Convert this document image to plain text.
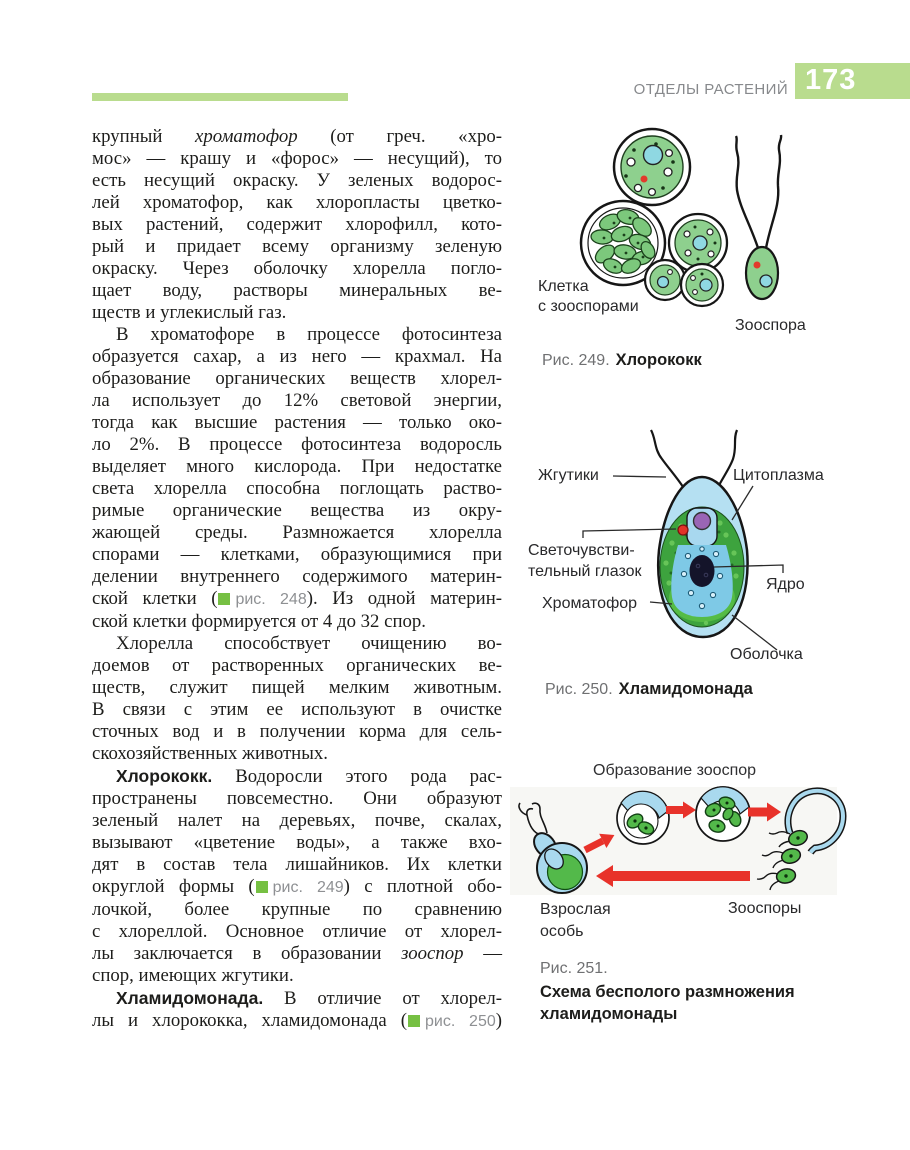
ОТДЕЛЫ РАСТЕНИЙ 173
крупный хроматофор (от греч. «хро-
мос» — крашу и «форос» — несущий), то
есть несущий окраску. У зеленых водорос-
лей хроматофор, как хлоропласты цветко-
вых растений, содержит хлорофилл, кото-
рый и придает всему организму зеленую
окраску. Через оболочку хлорелла погло-
щает воду, растворы минеральных ве-
ществ и углекислый газ.
В хроматофоре в процессе фотосинтеза
образуется сахар, а из него — крахмал. На
образование органических веществ хлорел-
ла использует до 12% световой энергии,
тогда как высшие растения — только око-
ло 2%. В процессе фотосинтеза водоросль
выделяет много кислорода. При недостатке
света хлорелла способна поглощать раство-
римые органические вещества из окру-
жающей среды. Размножается хлорелла
спорами — клетками, образующимися при
делении внутреннего содержимого материн-
ской клетки ( рис. 248). Из одной материн-
ской клетки формируется от 4 до 32 спор.
Хлорелла способствует очищению во-
доемов от растворенных органических ве-
ществ, служит пищей мелким животным.
В связи с этим ее используют в очистке
сточных вод и в получении корма для сель-
скохозяйственных животных.
Хлорококк. Водоросли этого рода рас-
пространены повсеместно. Они образуют
зеленый налет на деревьях, почве, скалах,
вызывают «цветение воды», а также вхо-
дят в состав тела лишайников. Их клетки
округлой формы ( рис. 249) с плотной обо-
лочкой, более крупные по сравнению
с хлореллой. Основное отличие от хлорел-
лы заключается в образовании зооспор —
спор, имеющих жгутики.
Хламидомонада. В отличие от хлорел-
лы и хлорококка, хламидомонада ( рис. 250)
Клетка
с зооспорами
Зооспора
Рис. 249. Хлорококк
Жгутики	Цитоплазма
Светочувстви-
тельный глазок
Ядро
Хроматофор
Оболочка
Рис. 250. Хламидомонада
Образование зооспор
Взрослая
особь
Зооспоры
Рис. 251.
Схема бесполого размножения
хламидомонады
